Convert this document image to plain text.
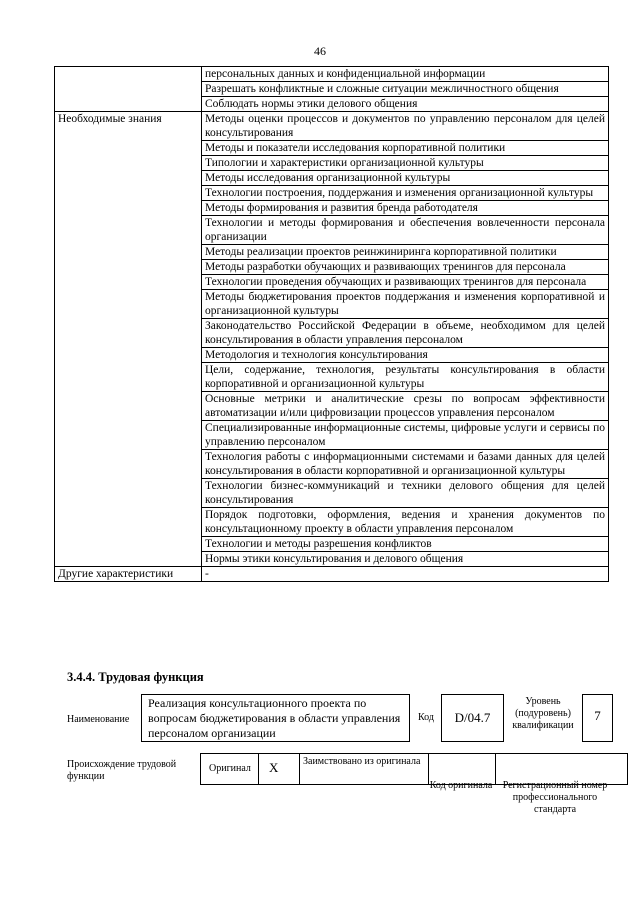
46
	персональных данных и конфиденциальной информации
	Разрешать конфликтные и сложные ситуации межличностного общения
	Соблюдать нормы этики делового общения
Необходимые знания	Методы оценки процессов и документов по управлению персоналом для целей консультирования
	Методы и показатели исследования корпоративной политики
	Типологии и характеристики организационной культуры
	Методы исследования организационной культуры
	Технологии построения, поддержания и изменения организационной культуры
	Методы формирования и развития бренда работодателя
	Технологии и методы формирования и обеспечения вовлеченности персонала организации
	Методы реализации проектов реинжиниринга корпоративной политики
	Методы разработки обучающих и развивающих тренингов для персонала
	Технологии проведения обучающих и развивающих тренингов для персонала
	Методы бюджетирования проектов поддержания и изменения корпоративной и организационной культуры
	Законодательство Российской Федерации в объеме, необходимом для целей консультирования в области управления персоналом
	Методология и технология консультирования
	Цели, содержание, технология, результаты консультирования в области корпоративной и организационной культуры
	Основные метрики и аналитические срезы по вопросам эффективности автоматизации и/или цифровизации процессов управления персоналом
	Специализированные информационные системы, цифровые услуги и сервисы по управлению персоналом
	Технология работы с информационными системами и базами данных для целей консультирования в области корпоративной и организационной культуры
	Технологии бизнес-коммуникаций и техники делового общения для целей консультирования
	Порядок подготовки, оформления, ведения и хранения документов по консультационному проекту в области управления персоналом
	Технологии и методы разрешения конфликтов
	Нормы этики консультирования и делового общения
Другие характеристики	-
3.4.4. Трудовая функция
Наименование
Реализация консультационного проекта по вопросам бюджетирования в области управления персоналом организации
Код	D/04.7
Уровень (подуровень) квалификации
7
Происхождение трудовой функции
Оригинал X Заимствовано из оригинала
Код оригинала Регистрационный номер профессионального стандарта
